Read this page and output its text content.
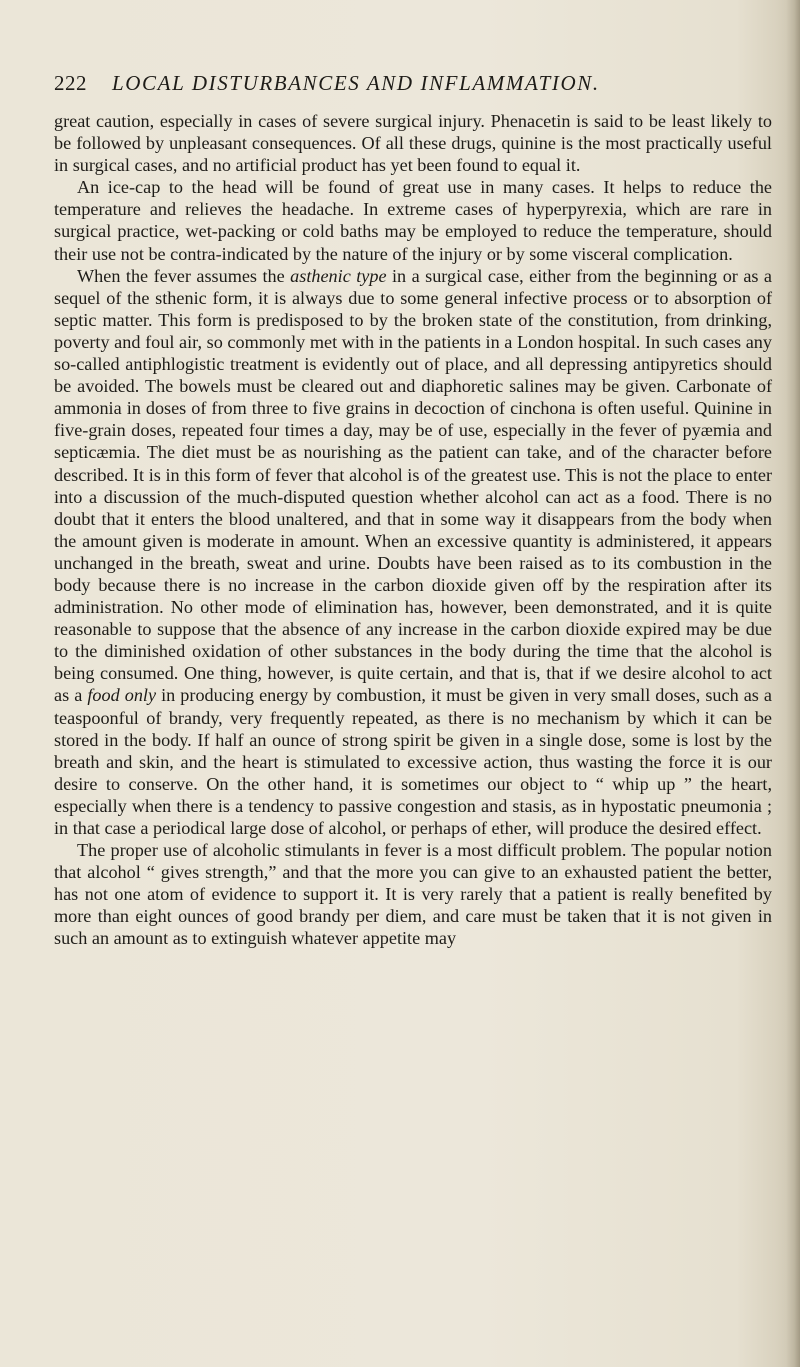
222 LOCAL DISTURBANCES AND INFLAMMATION.

great caution, especially in cases of severe surgical injury. Phenacetin is said to be least likely to be followed by unpleasant consequences. Of all these drugs, quinine is the most practically useful in surgical cases, and no artificial product has yet been found to equal it.

An ice-cap to the head will be found of great use in many cases. It helps to reduce the temperature and relieves the headache. In extreme cases of hyperpyrexia, which are rare in surgical practice, wet-packing or cold baths may be employed to reduce the temperature, should their use not be contra-indicated by the nature of the injury or by some visceral complication.

When the fever assumes the asthenic type in a surgical case, either from the beginning or as a sequel of the sthenic form, it is always due to some general infective process or to absorption of septic matter. This form is predisposed to by the broken state of the constitution, from drinking, poverty and foul air, so commonly met with in the patients in a London hospital. In such cases any so-called antiphlogistic treatment is evidently out of place, and all depressing antipyretics should be avoided. The bowels must be cleared out and diaphoretic salines may be given. Carbonate of ammonia in doses of from three to five grains in decoction of cinchona is often useful. Quinine in five-grain doses, repeated four times a day, may be of use, especially in the fever of pyæmia and septicæmia. The diet must be as nourishing as the patient can take, and of the character before described. It is in this form of fever that alcohol is of the greatest use. This is not the place to enter into a discussion of the much-disputed question whether alcohol can act as a food. There is no doubt that it enters the blood unaltered, and that in some way it disappears from the body when the amount given is moderate in amount. When an excessive quantity is administered, it appears unchanged in the breath, sweat and urine. Doubts have been raised as to its combustion in the body because there is no increase in the carbon dioxide given off by the respiration after its administration. No other mode of elimination has, however, been demonstrated, and it is quite reasonable to suppose that the absence of any increase in the carbon dioxide expired may be due to the diminished oxidation of other substances in the body during the time that the alcohol is being consumed. One thing, however, is quite certain, and that is, that if we desire alcohol to act as a food only in producing energy by combustion, it must be given in very small doses, such as a teaspoonful of brandy, very frequently repeated, as there is no mechanism by which it can be stored in the body. If half an ounce of strong spirit be given in a single dose, some is lost by the breath and skin, and the heart is stimulated to excessive action, thus wasting the force it is our desire to conserve. On the other hand, it is sometimes our object to “ whip up ” the heart, especially when there is a tendency to passive congestion and stasis, as in hypostatic pneumonia ; in that case a periodical large dose of alcohol, or perhaps of ether, will produce the desired effect.

The proper use of alcoholic stimulants in fever is a most difficult problem. The popular notion that alcohol “ gives strength,” and that the more you can give to an exhausted patient the better, has not one atom of evidence to support it. It is very rarely that a patient is really benefited by more than eight ounces of good brandy per diem, and care must be taken that it is not given in such an amount as to extinguish whatever appetite may
